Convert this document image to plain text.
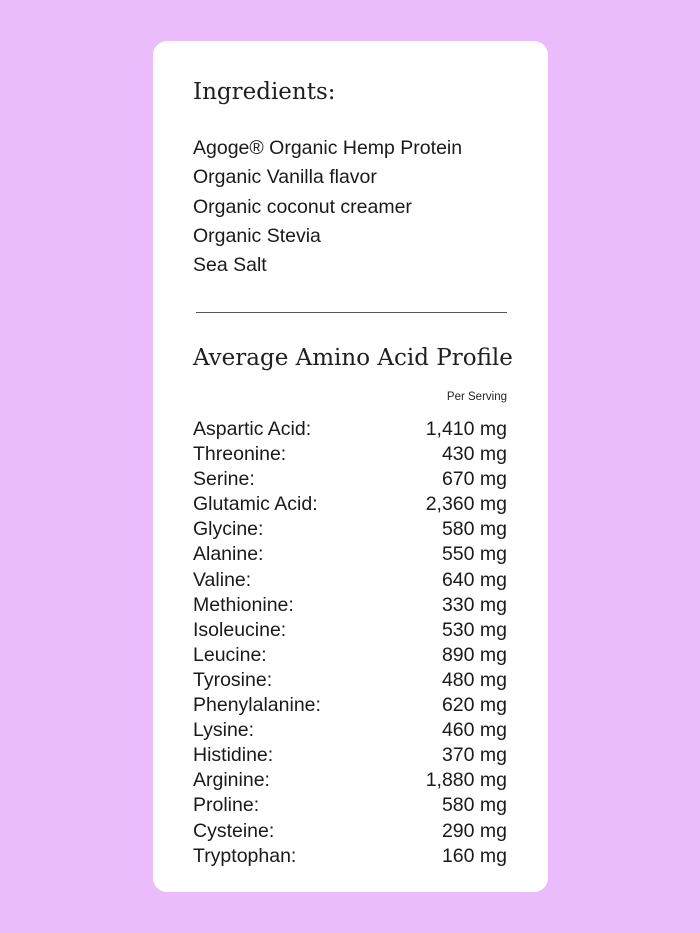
Ingredients:
Agoge® Organic Hemp Protein
Organic Vanilla flavor
Organic coconut creamer
Organic Stevia
Sea Salt
Average Amino Acid Profile
Per Serving
Aspartic Acid:	1,410 mg
Threonine:	430 mg
Serine:	670 mg
Glutamic Acid:	2,360 mg
Glycine:	580 mg
Alanine:	550 mg
Valine:	640 mg
Methionine:	330 mg
Isoleucine:	530 mg
Leucine:	890 mg
Tyrosine:	480 mg
Phenylalanine:	620 mg
Lysine:	460 mg
Histidine:	370 mg
Arginine:	1,880 mg
Proline:	580 mg
Cysteine:	290 mg
Tryptophan:	160 mg
